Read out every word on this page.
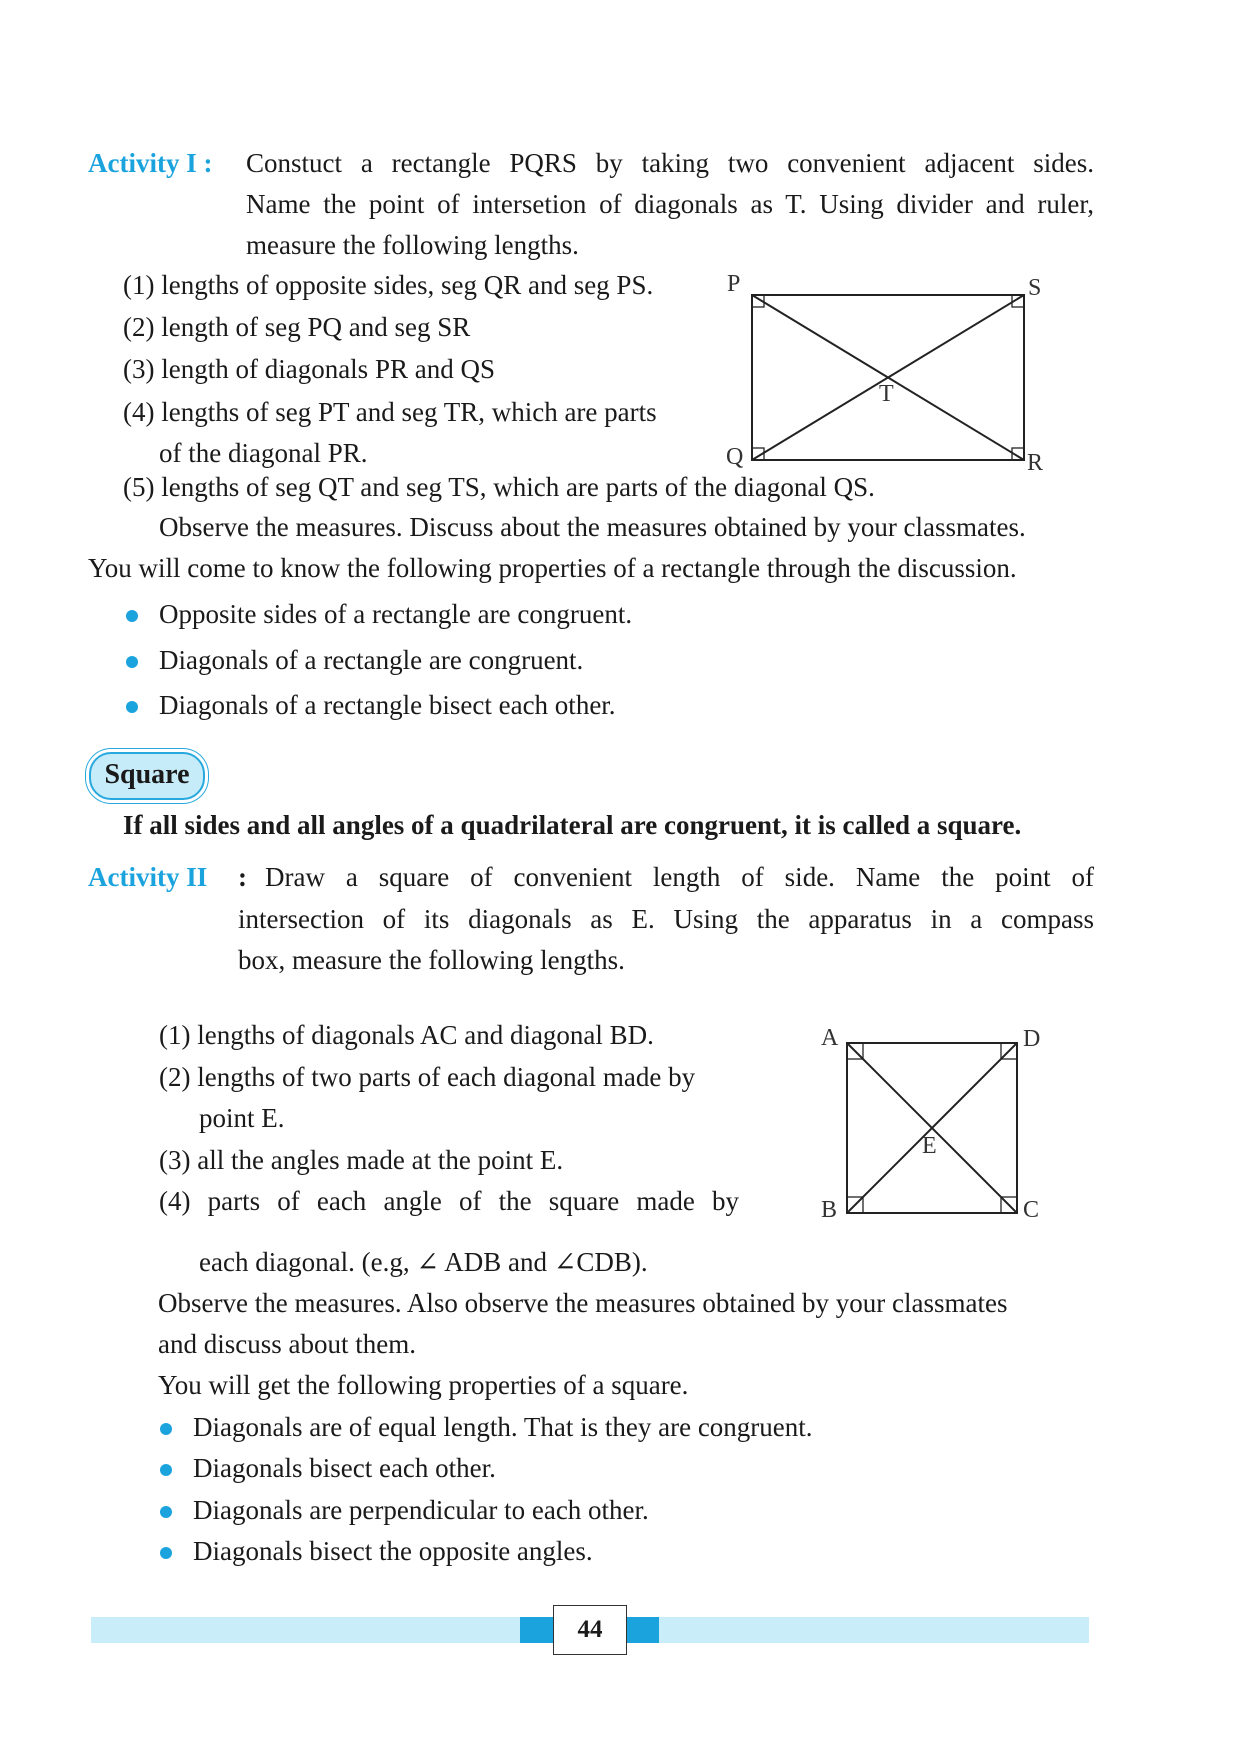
Activity I : Constuct a rectangle PQRS by taking two convenient adjacent sides.
Name the point of intersetion of diagonals as T. Using divider and ruler,
measure the following lengths.
(1) lengths of opposite sides, seg QR and seg PS.
(2) length of seg PQ and seg SR
(3) length of diagonals PR and QS
(4) lengths of seg PT and seg TR, which are parts
of the diagonal PR.
(5) lengths of seg QT and seg TS, which are parts of the diagonal QS.
P	S
Q	R
T
Observe the measures. Discuss about the measures obtained by your classmates.
You will come to know the following properties of a rectangle through the discussion.
Opposite sides of a rectangle are congruent.
Diagonals of a rectangle are congruent.
Diagonals of a rectangle bisect each other.
Square
If all sides and all angles of a quadrilateral are congruent, it is called a square.
Activity II : Draw a square of convenient length of side. Name the point of
intersection of its diagonals as E. Using the apparatus in a compass
box, measure the following lengths.
(1) lengths of diagonals AC and diagonal BD.
(2) lengths of two parts of each diagonal made by
point E.
(3) all the angles made at the point E.
(4) parts of each angle of the square made by
each diagonal. (e.g, ∠ ADB and ∠CDB).
A	D
B	C
E
Observe the measures. Also observe the measures obtained by your classmates
and discuss about them.
You will get the following properties of a square.
Diagonals are of equal length. That is they are congruent.
Diagonals bisect each other.
Diagonals are perpendicular to each other.
Diagonals bisect the opposite angles.
44
